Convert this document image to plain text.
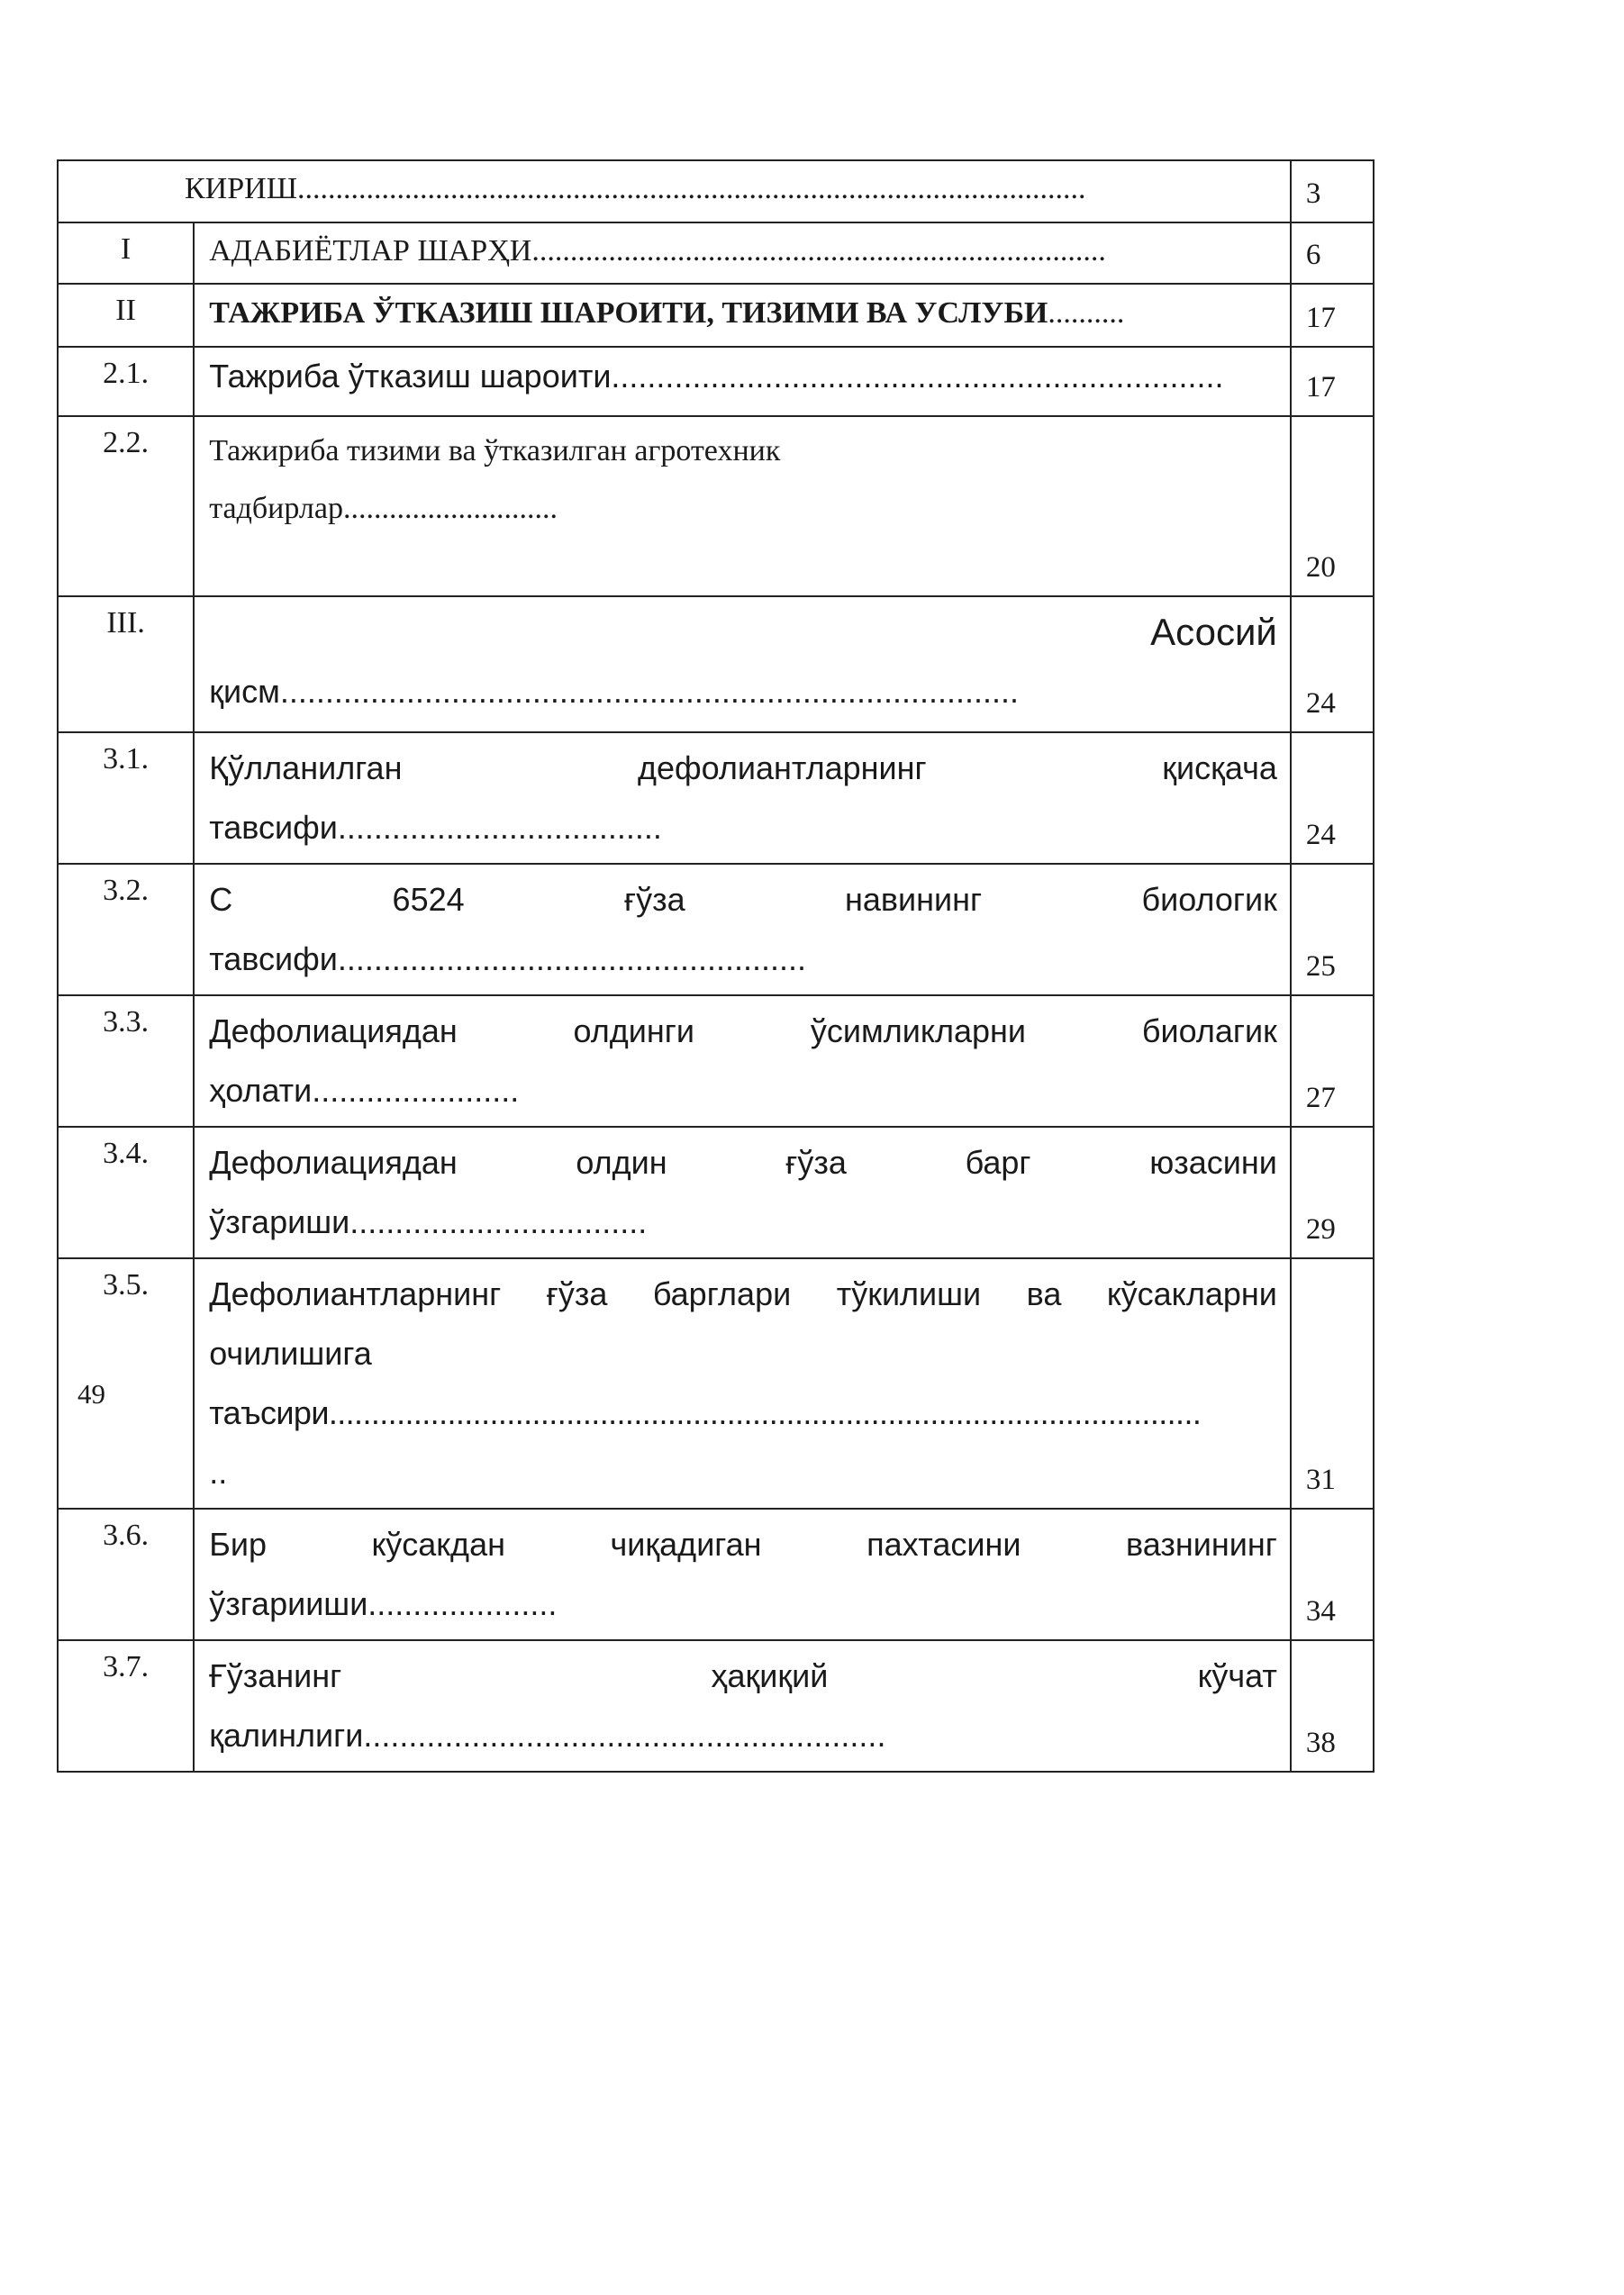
КИРИШ.......................................................................................................		3
I	АДАБИЁТЛАР ШАРҲИ...........................................................................	6
II	ТАЖРИБА ЎТКАЗИШ ШАРОИТИ, ТИЗИМИ ВА УСЛУБИ..........	17
2.1.	Тажриба ўтказиш шароити....................................................................	17
2.2.	Тажириба тизими ва ўтказилган агротехник
тадбирлар............................	20
III.	Асосий
қисм..................................................................................	24
3.1.	Қўлланилган дефолиантларнинг қисқача
тавсифи....................................	24
3.2.	С 6524 ғўза навининг биологик
тавсифи....................................................	25
3.3.	Дефолиациядан олдинги ўсимликларни биолагик
ҳолати.......................	27
3.4.	Дефолиациядан олдин ғўза барг юзасини
ўзгариши.................................	29
3.5.	Дефолиантларнинг ғўза барглари тўкилиши ва кўсакларни
очилишига
таъсири.......................................................................................................
..	31
3.6.	Бир кўсакдан чиқадиган пахтасини вазнининг
ўзгарииши.....................	34
3.7.	Ғўзанинг ҳақиқий кўчат
қалинлиги..........................................................	38
49
